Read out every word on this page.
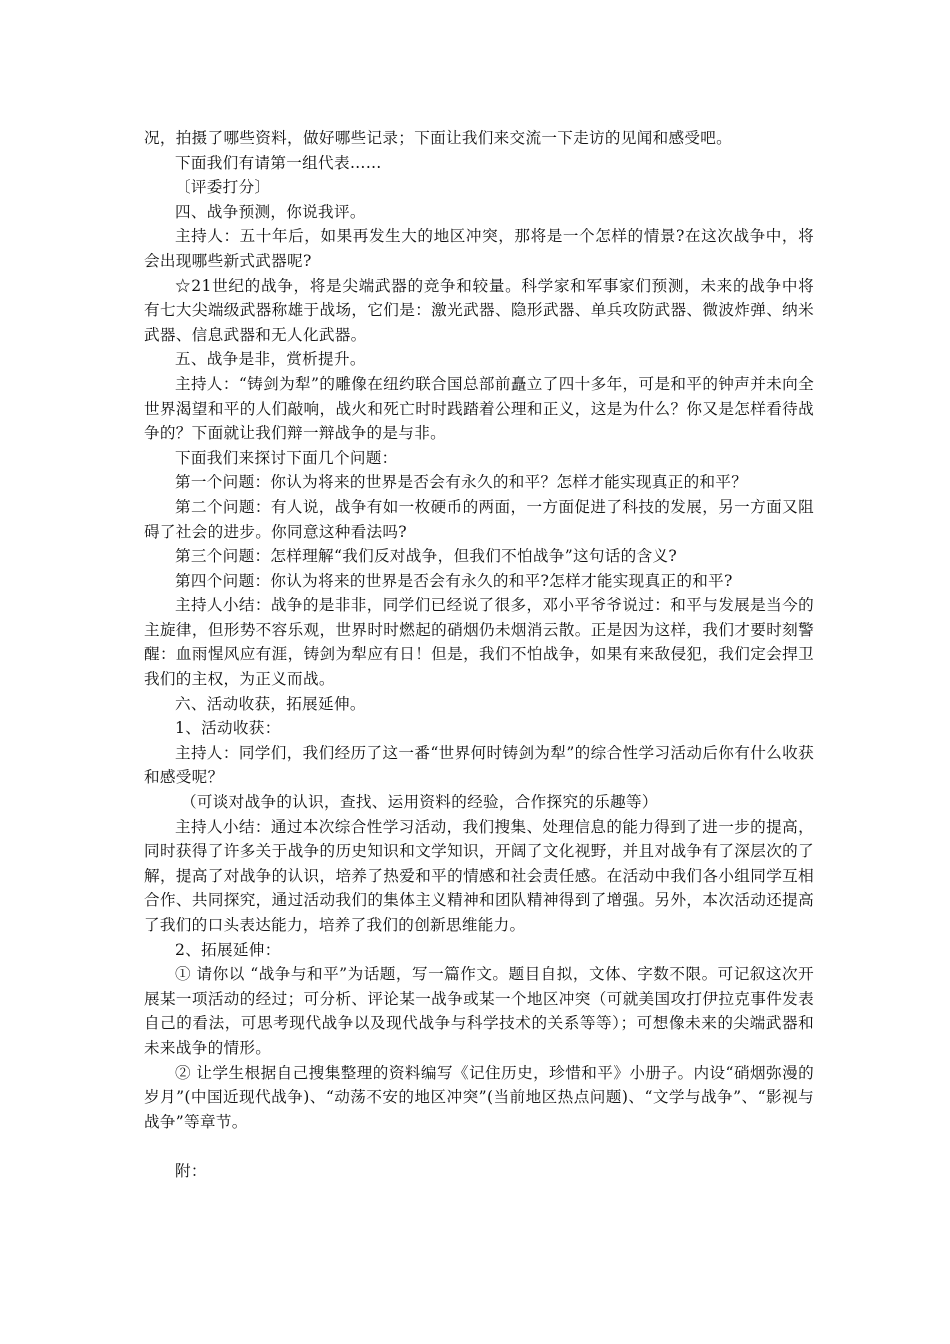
况，拍摄了哪些资料，做好哪些记录；下面让我们来交流一下走访的见闻和感受吧。

下面我们有请第一组代表……

〔评委打分〕

四、战争预测，你说我评。

主持人：五十年后，如果再发生大的地区冲突，那将是一个怎样的情景?在这次战争中，将会出现哪些新式武器呢?

☆21世纪的战争，将是尖端武器的竞争和较量。科学家和军事家们预测，未来的战争中将有七大尖端级武器称雄于战场，它们是：激光武器、隐形武器、单兵攻防武器、微波炸弹、纳米武器、信息武器和无人化武器。

五、战争是非，赏析提升。

主持人：“铸剑为犁”的雕像在纽约联合国总部前矗立了四十多年，可是和平的钟声并未向全世界渴望和平的人们敲响，战火和死亡时时践踏着公理和正义，这是为什么？你又是怎样看待战争的？下面就让我们辩一辩战争的是与非。

下面我们来探讨下面几个问题：

第一个问题：你认为将来的世界是否会有永久的和平？怎样才能实现真正的和平？

第二个问题：有人说，战争有如一枚硬币的两面，一方面促进了科技的发展，另一方面又阻碍了社会的进步。你同意这种看法吗?

第三个问题：怎样理解“我们反对战争，但我们不怕战争”这句话的含义?

第四个问题：你认为将来的世界是否会有永久的和平?怎样才能实现真正的和平?

主持人小结：战争的是非非，同学们已经说了很多，邓小平爷爷说过：和平与发展是当今的主旋律，但形势不容乐观，世界时时燃起的硝烟仍未烟消云散。正是因为这样，我们才要时刻警醒：血雨惺风应有涯，铸剑为犁应有日！但是，我们不怕战争，如果有来敌侵犯，我们定会捍卫我们的主权，为正义而战。

六、活动收获，拓展延伸。

1、活动收获：

主持人：同学们，我们经历了这一番“世界何时铸剑为犁”的综合性学习活动后你有什么收获和感受呢？

（可谈对战争的认识，查找、运用资料的经验，合作探究的乐趣等）

主持人小结：通过本次综合性学习活动，我们搜集、处理信息的能力得到了进一步的提高，同时获得了许多关于战争的历史知识和文学知识，开阔了文化视野，并且对战争有了深层次的了解，提高了对战争的认识，培养了热爱和平的情感和社会责任感。在活动中我们各小组同学互相合作、共同探究，通过活动我们的集体主义精神和团队精神得到了增强。另外，本次活动还提高了我们的口头表达能力，培养了我们的创新思维能力。

2、拓展延伸：

① 请你以 “战争与和平”为话题，写一篇作文。题目自拟，文体、字数不限。可记叙这次开展某一项活动的经过；可分析、评论某一战争或某一个地区冲突（可就美国攻打伊拉克事件发表自己的看法，可思考现代战争以及现代战争与科学技术的关系等等）；可想像未来的尖端武器和未来战争的情形。

② 让学生根据自己搜集整理的资料编写《记住历史，珍惜和平》小册子。内设“硝烟弥漫的岁月”(中国近现代战争)、“动荡不安的地区冲突”(当前地区热点问题)、“文学与战争”、“影视与战争”等章节。

附：
